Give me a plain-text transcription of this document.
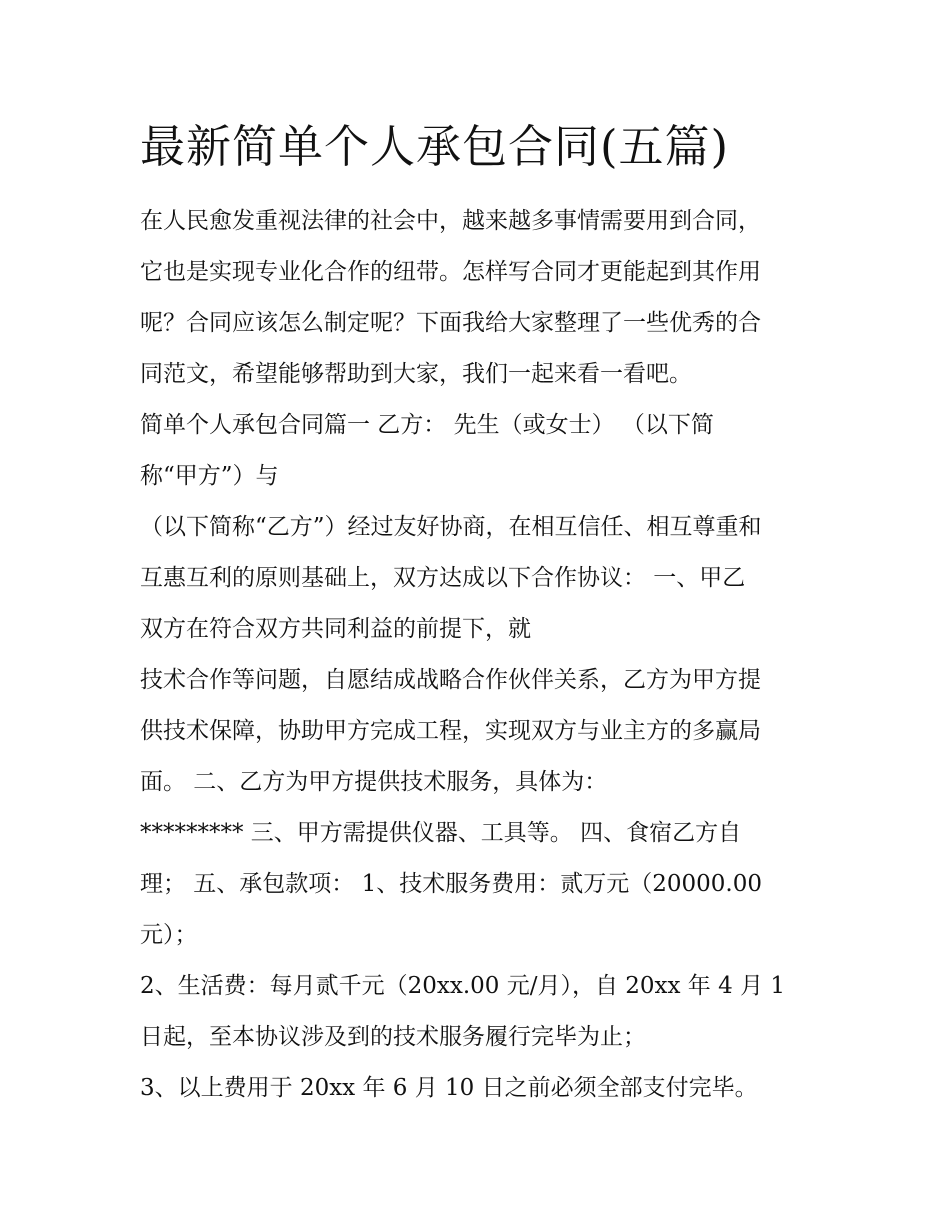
最新简单个人承包合同(五篇)

在人民愈发重视法律的社会中，越来越多事情需要用到合同，

它也是实现专业化合作的纽带。怎样写合同才更能起到其作用

呢？合同应该怎么制定呢？下面我给大家整理了一些优秀的合

同范文，希望能够帮助到大家，我们一起来看一看吧。

简单个人承包合同篇一 乙方： 先生（或女士） （以下简

称“甲方”）与

（以下简称“乙方”）经过友好协商，在相互信任、相互尊重和

互惠互利的原则基础上，双方达成以下合作协议： 一、甲乙

双方在符合双方共同利益的前提下，就

技术合作等问题，自愿结成战略合作伙伴关系，乙方为甲方提

供技术保障，协助甲方完成工程，实现双方与业主方的多赢局

面。 二、乙方为甲方提供技术服务，具体为：

********* 三、甲方需提供仪器、工具等。 四、食宿乙方自

理； 五、承包款项： 1、技术服务费用：贰万元（20000.00

元）；

2、生活费：每月贰千元（20xx.00 元/月），自 20xx 年 4 月 1

日起，至本协议涉及到的技术服务履行完毕为止；

3、以上费用于 20xx 年 6 月 10 日之前必须全部支付完毕。
